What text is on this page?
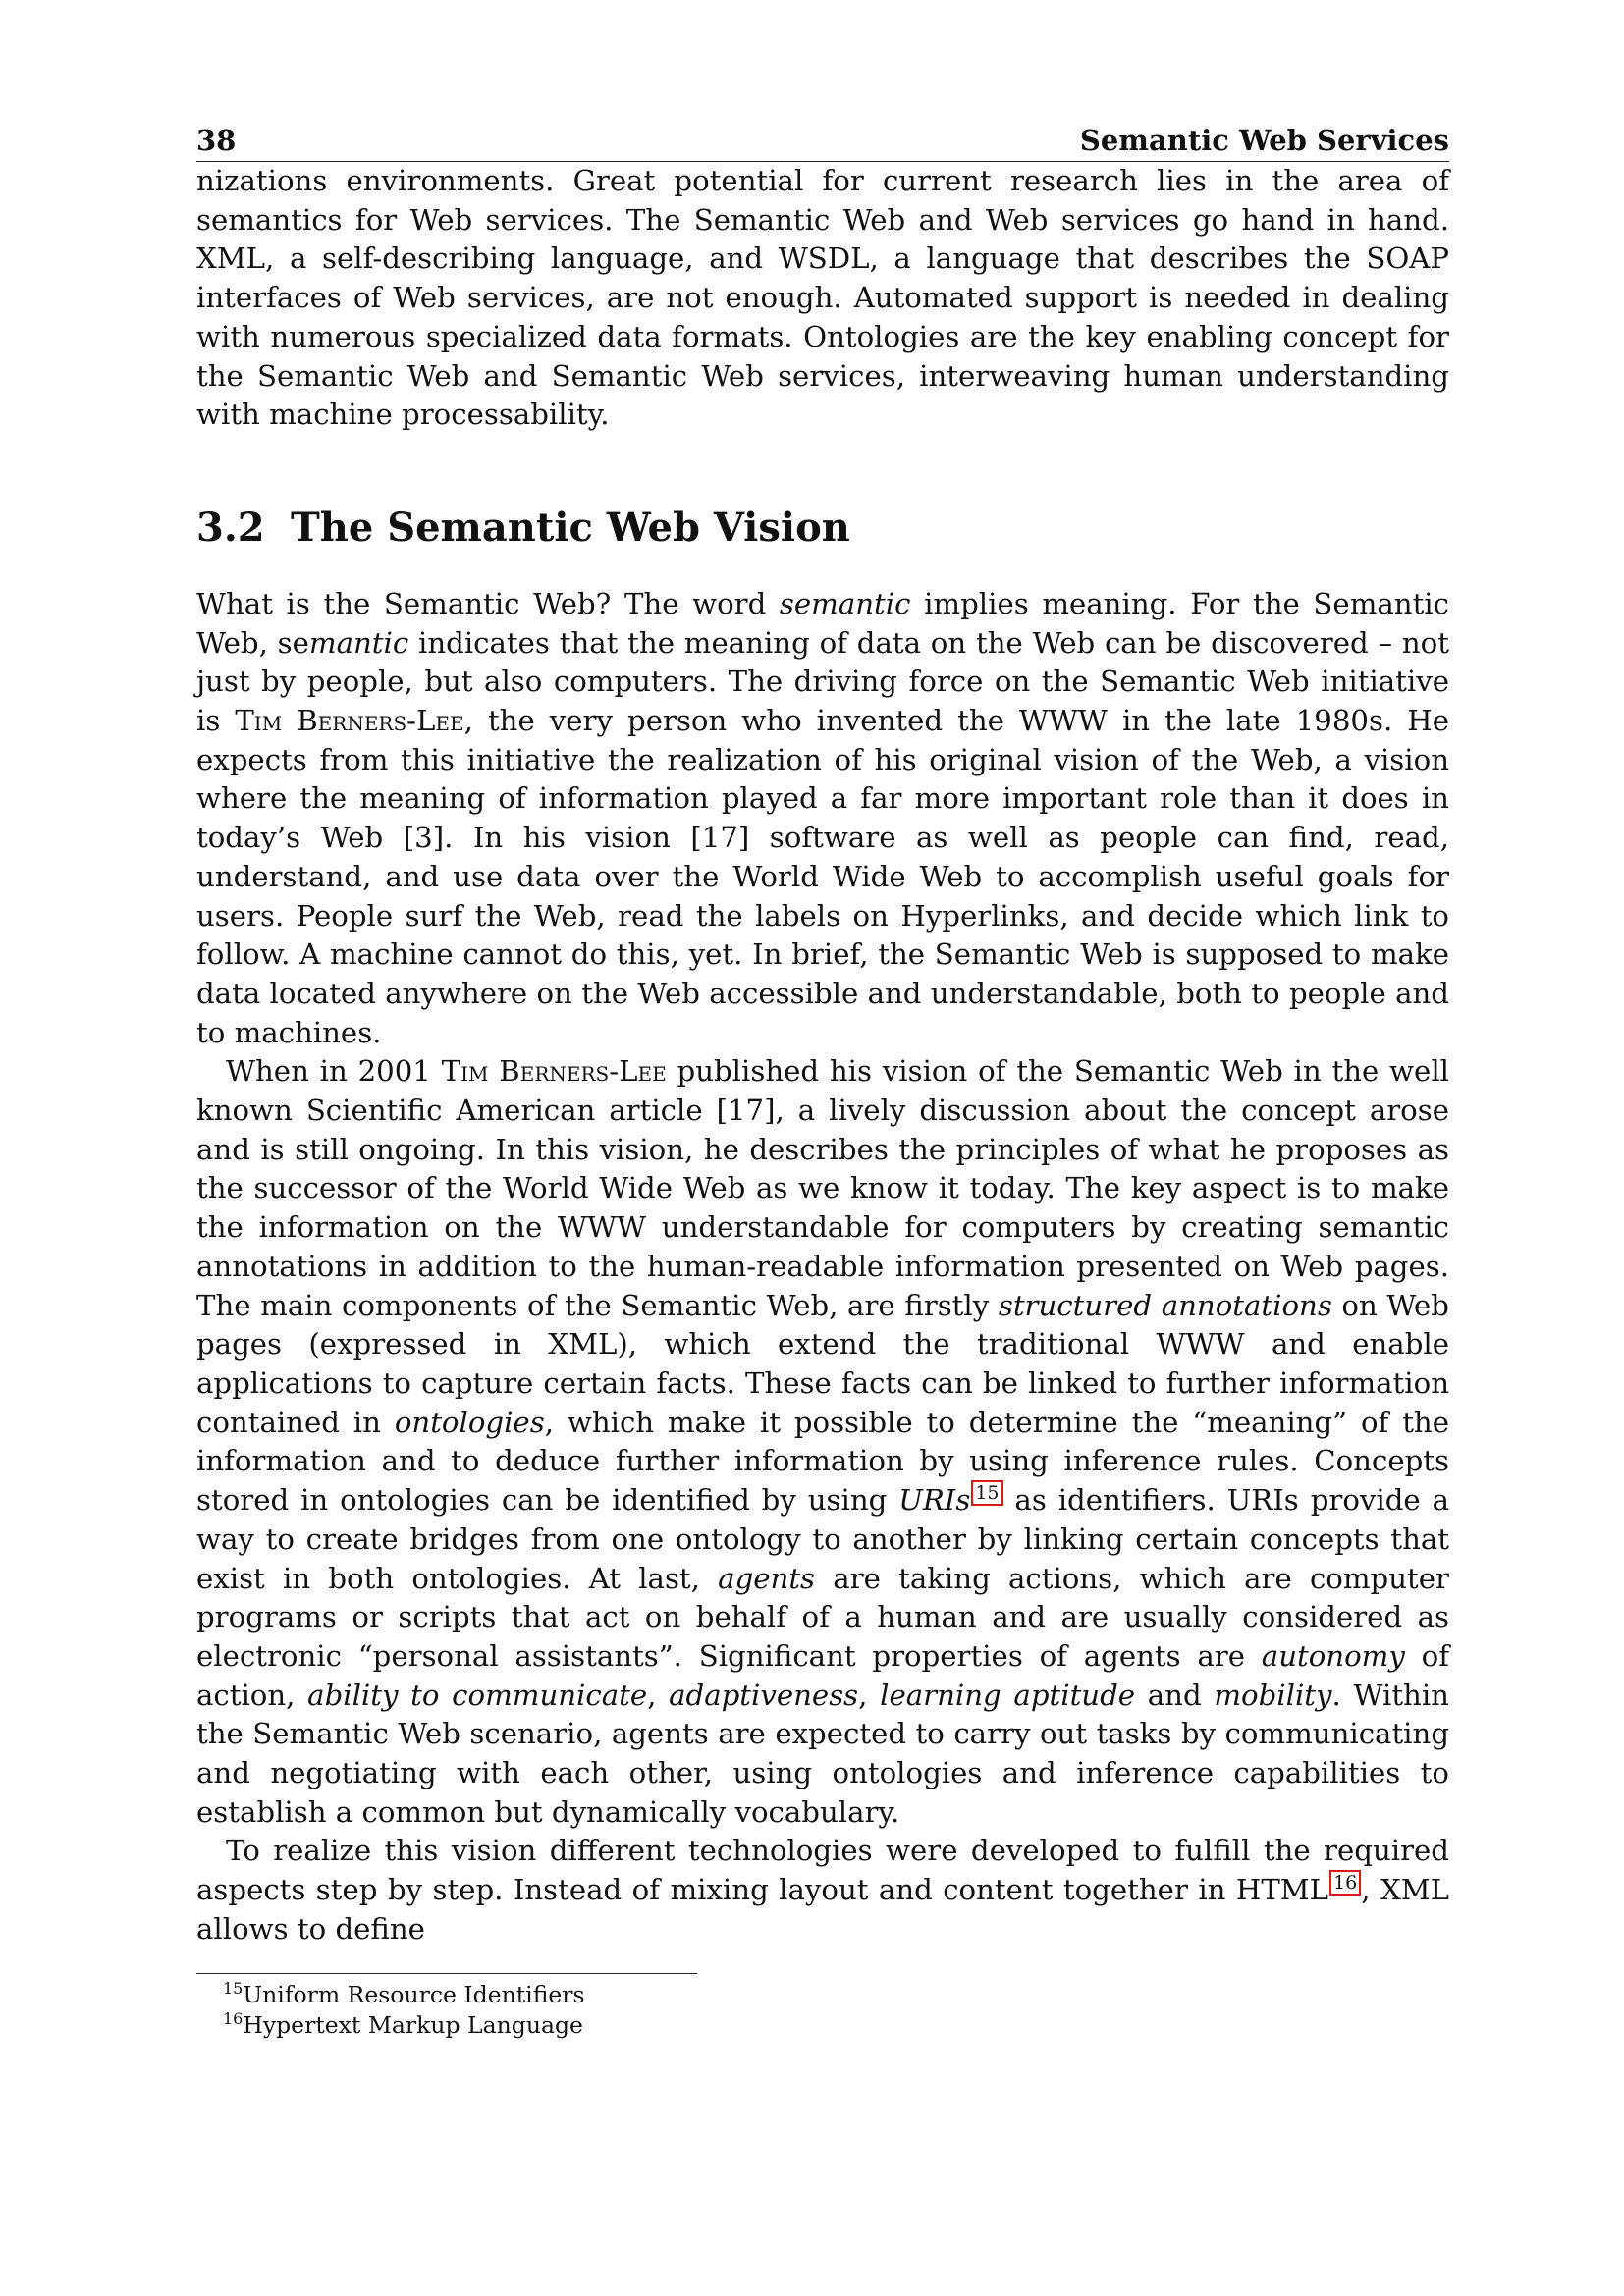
38	Semantic Web Services

nizations environments. Great potential for current research lies in the area of semantics for Web services. The Semantic Web and Web services go hand in hand. XML, a self-describing language, and WSDL, a language that describes the SOAP interfaces of Web services, are not enough. Automated support is needed in dealing with numerous specialized data formats. Ontologies are the key enabling concept for the Semantic Web and Semantic Web services, interweaving human understanding with machine processability.

3.2 The Semantic Web Vision

What is the Semantic Web? The word semantic implies meaning. For the Semantic Web, semantic indicates that the meaning of data on the Web can be discovered – not just by people, but also computers. The driving force on the Semantic Web initiative is Tim Berners-Lee, the very person who invented the WWW in the late 1980s. He expects from this initiative the realization of his original vision of the Web, a vision where the meaning of information played a far more important role than it does in today’s Web [3]. In his vision [17] software as well as people can find, read, understand, and use data over the World Wide Web to accomplish useful goals for users. People surf the Web, read the labels on Hyperlinks, and decide which link to follow. A machine cannot do this, yet. In brief, the Semantic Web is supposed to make data located anywhere on the Web accessible and understandable, both to people and to machines.

When in 2001 Tim Berners-Lee published his vision of the Semantic Web in the well known Scientific American article [17], a lively discussion about the concept arose and is still ongoing. In this vision, he describes the principles of what he proposes as the successor of the World Wide Web as we know it today. The key aspect is to make the information on the WWW understandable for computers by creating semantic annotations in addition to the human-readable information presented on Web pages. The main components of the Semantic Web, are firstly structured annotations on Web pages (expressed in XML), which extend the traditional WWW and enable applications to capture certain facts. These facts can be linked to further information contained in ontologies, which make it possible to determine the “meaning” of the information and to deduce further information by using inference rules. Concepts stored in ontologies can be identified by using URIs $^{15}$ as identifiers. URIs provide a way to create bridges from one ontology to another by linking certain concepts that exist in both ontologies. At last, agents are taking actions, which are computer programs or scripts that act on behalf of a human and are usually considered as electronic “personal assistants”. Significant properties of agents are autonomy of action, ability to communicate, adaptiveness, learning aptitude and mobility. Within the Semantic Web scenario, agents are expected to carry out tasks by communicating and negotiating with each other, using ontologies and inference capabilities to establish a common but dynamically vocabulary.

To realize this vision different technologies were developed to fulfill the required aspects step by step. Instead of mixing layout and content together in HTML $^{16}$ , XML allows to define

$^{15}$Uniform Resource Identifiers
$^{16}$Hypertext Markup Language
